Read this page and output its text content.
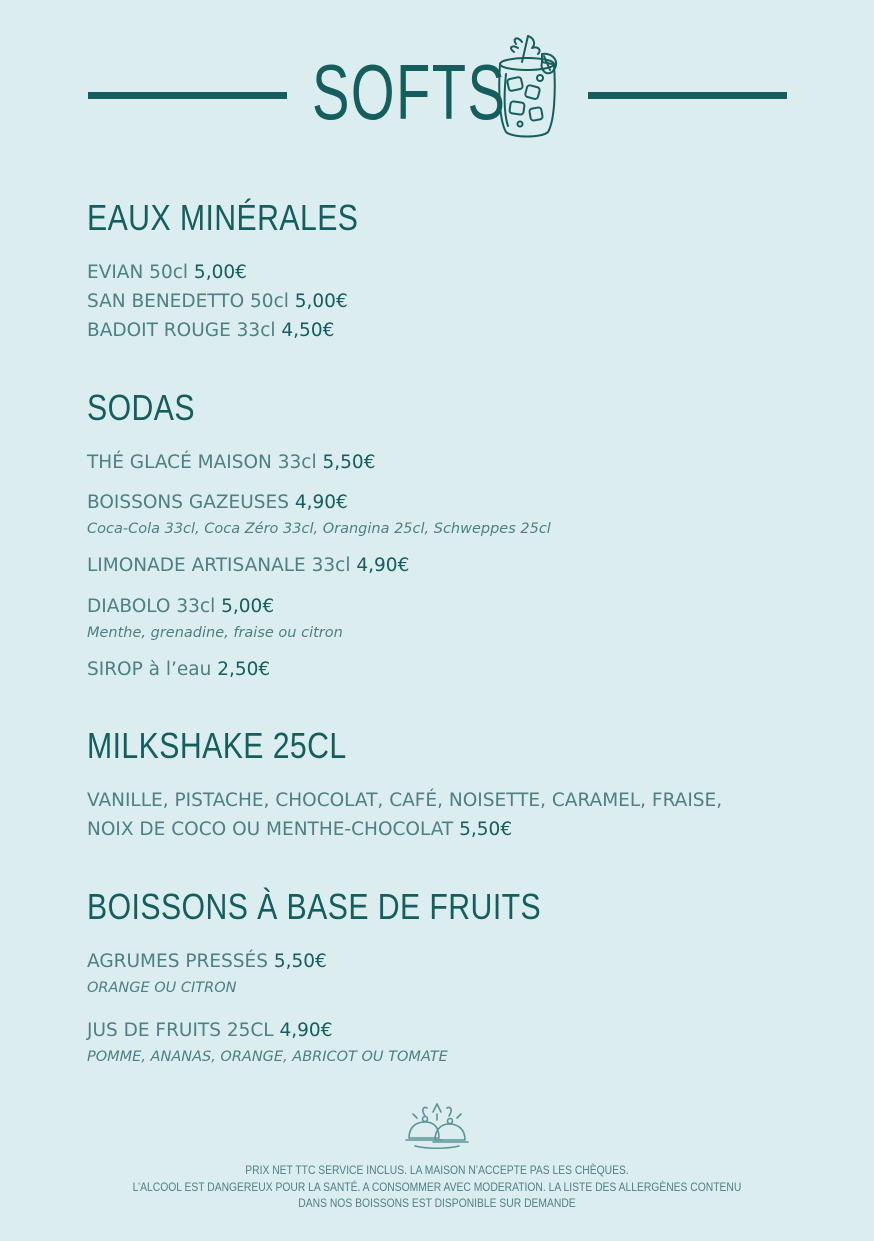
SOFTS
EAUX MINÉRALES
EVIAN 50cl 5,00€
SAN BENEDETTO 50cl 5,00€
BADOIT ROUGE 33cl 4,50€
SODAS
THÉ GLACÉ MAISON 33cl 5,50€
BOISSONS GAZEUSES 4,90€
Coca-Cola 33cl, Coca Zéro 33cl, Orangina 25cl, Schweppes 25cl
LIMONADE ARTISANALE 33cl 4,90€
DIABOLO 33cl 5,00€
Menthe, grenadine, fraise ou citron
SIROP à l’eau 2,50€
MILKSHAKE 25CL
VANILLE, PISTACHE, CHOCOLAT, CAFÉ, NOISETTE, CARAMEL, FRAISE,
NOIX DE COCO OU MENTHE-CHOCOLAT 5,50€
BOISSONS À BASE DE FRUITS
AGRUMES PRESSÉS 5,50€
ORANGE OU CITRON
JUS DE FRUITS 25CL 4,90€
POMME, ANANAS, ORANGE, ABRICOT OU TOMATE
PRIX NET TTC SERVICE INCLUS. LA MAISON N’ACCEPTE PAS LES CHÈQUES.
L’ALCOOL EST DANGEREUX POUR LA SANTÉ. A CONSOMMER AVEC MODERATION. LA LISTE DES ALLERGÈNES CONTENU
DANS NOS BOISSONS EST DISPONIBLE SUR DEMANDE
